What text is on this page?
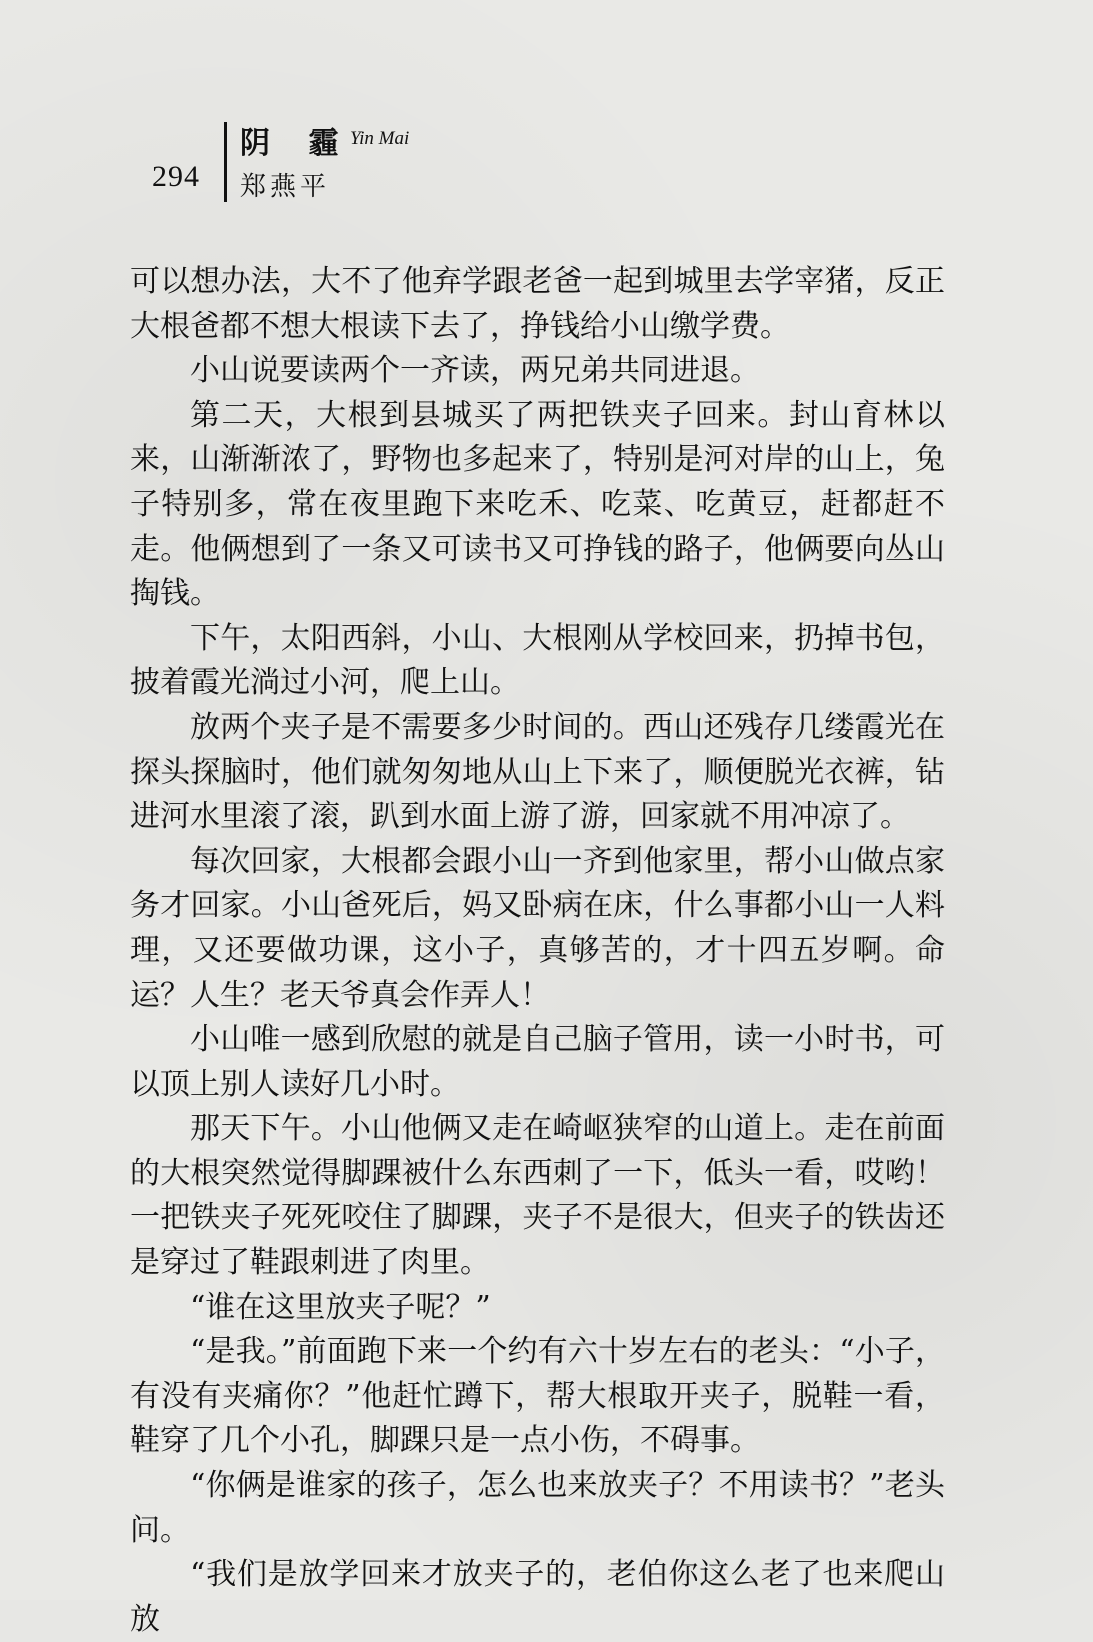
294
阴 霾
Yin Mai
郑燕平

可以想办法，大不了他弃学跟老爸一起到城里去学宰猪，反正大根爸都不想大根读下去了，挣钱给小山缴学费。

小山说要读两个一齐读，两兄弟共同进退。

第二天，大根到县城买了两把铁夹子回来。封山育林以来，山渐渐浓了，野物也多起来了，特别是河对岸的山上，兔子特别多，常在夜里跑下来吃禾、吃菜、吃黄豆，赶都赶不走。他俩想到了一条又可读书又可挣钱的路子，他俩要向丛山掏钱。

下午，太阳西斜，小山、大根刚从学校回来，扔掉书包，披着霞光淌过小河，爬上山。

放两个夹子是不需要多少时间的。西山还残存几缕霞光在探头探脑时，他们就匆匆地从山上下来了，顺便脱光衣裤，钻进河水里滚了滚，趴到水面上游了游，回家就不用冲凉了。

每次回家，大根都会跟小山一齐到他家里，帮小山做点家务才回家。小山爸死后，妈又卧病在床，什么事都小山一人料理，又还要做功课，这小子，真够苦的，才十四五岁啊。命运？人生？老天爷真会作弄人！

小山唯一感到欣慰的就是自己脑子管用，读一小时书，可以顶上别人读好几小时。

那天下午。小山他俩又走在崎岖狭窄的山道上。走在前面的大根突然觉得脚踝被什么东西刺了一下，低头一看，哎哟！一把铁夹子死死咬住了脚踝，夹子不是很大，但夹子的铁齿还是穿过了鞋跟刺进了肉里。

“谁在这里放夹子呢？”

“是我。”前面跑下来一个约有六十岁左右的老头：“小子，有没有夹痛你？”他赶忙蹲下，帮大根取开夹子，脱鞋一看，鞋穿了几个小孔，脚踝只是一点小伤，不碍事。

“你俩是谁家的孩子，怎么也来放夹子？不用读书？”老头问。

“我们是放学回来才放夹子的，老伯你这么老了也来爬山放
